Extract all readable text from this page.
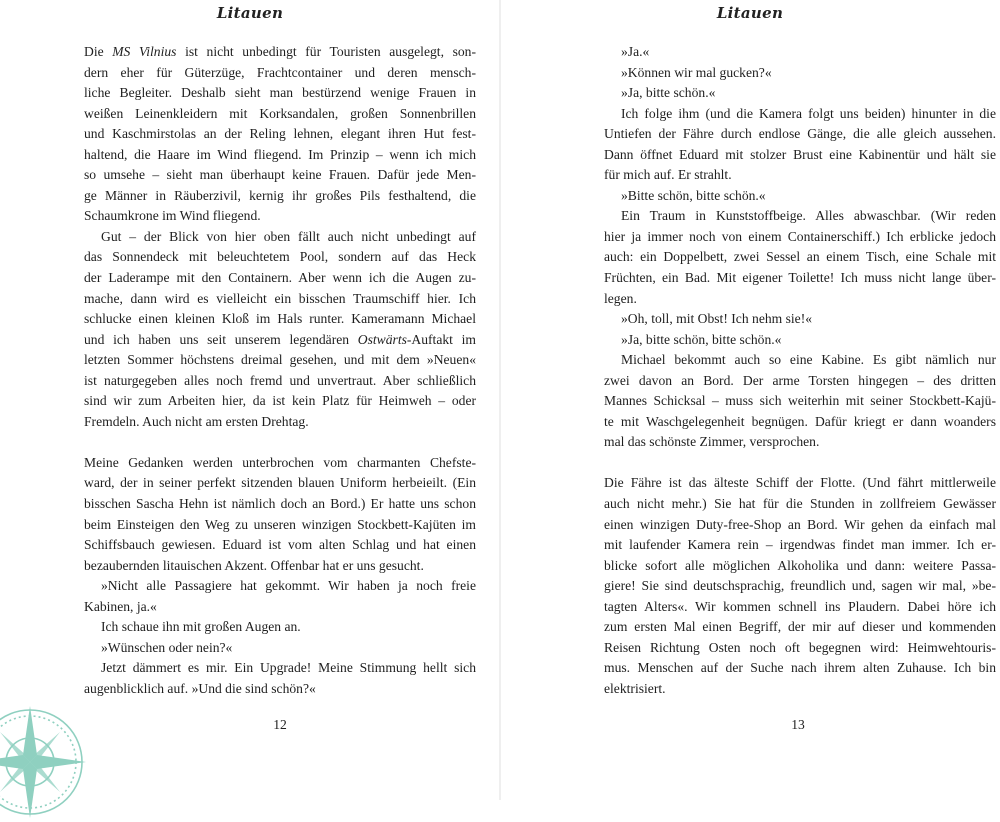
Litauen
Die MS Vilnius ist nicht unbedingt für Touristen ausgelegt, son-
dern eher für Güterzüge, Frachtcontainer und deren mensch-
liche Begleiter. Deshalb sieht man bestürzend wenige Frauen in
weißen Leinenkleidern mit Korksandalen, großen Sonnenbrillen
und Kaschmirstolas an der Reling lehnen, elegant ihren Hut fest-
haltend, die Haare im Wind fliegend. Im Prinzip – wenn ich mich
so umsehe – sieht man überhaupt keine Frauen. Dafür jede Men-
ge Männer in Räuberzivil, kernig ihr großes Pils festhaltend, die
Schaumkrone im Wind fliegend.
Gut – der Blick von hier oben fällt auch nicht unbedingt auf
das Sonnendeck mit beleuchtetem Pool, sondern auf das Heck
der Laderampe mit den Containern. Aber wenn ich die Augen zu-
mache, dann wird es vielleicht ein bisschen Traumschiff hier. Ich
schlucke einen kleinen Kloß im Hals runter. Kameramann Michael
und ich haben uns seit unserem legendären Ostwärts-Auftakt im
letzten Sommer höchstens dreimal gesehen, und mit dem »Neuen«
ist naturgegeben alles noch fremd und unvertraut. Aber schließlich
sind wir zum Arbeiten hier, da ist kein Platz für Heimweh – oder
Fremdeln. Auch nicht am ersten Drehtag.
Meine Gedanken werden unterbrochen vom charmanten Chefste-
ward, der in seiner perfekt sitzenden blauen Uniform herbeieilt. (Ein
bisschen Sascha Hehn ist nämlich doch an Bord.) Er hatte uns schon
beim Einsteigen den Weg zu unseren winzigen Stockbett-Kajüten im
Schiffsbauch gewiesen. Eduard ist vom alten Schlag und hat einen
bezaubernden litauischen Akzent. Offenbar hat er uns gesucht.
»Nicht alle Passagiere hat gekommt. Wir haben ja noch freie
Kabinen, ja.«
Ich schaue ihn mit großen Augen an.
»Wünschen oder nein?«
Jetzt dämmert es mir. Ein Upgrade! Meine Stimmung hellt sich
augenblicklich auf. »Und die sind schön?«
12
Litauen
»Ja.«
»Können wir mal gucken?«
»Ja, bitte schön.«
Ich folge ihm (und die Kamera folgt uns beiden) hinunter in die
Untiefen der Fähre durch endlose Gänge, die alle gleich aussehen.
Dann öffnet Eduard mit stolzer Brust eine Kabinentür und hält sie
für mich auf. Er strahlt.
»Bitte schön, bitte schön.«
Ein Traum in Kunststoffbeige. Alles abwaschbar. (Wir reden
hier ja immer noch von einem Containerschiff.) Ich erblicke jedoch
auch: ein Doppelbett, zwei Sessel an einem Tisch, eine Schale mit
Früchten, ein Bad. Mit eigener Toilette! Ich muss nicht lange über-
legen.
»Oh, toll, mit Obst! Ich nehm sie!«
»Ja, bitte schön, bitte schön.«
Michael bekommt auch so eine Kabine. Es gibt nämlich nur
zwei davon an Bord. Der arme Torsten hingegen – des dritten
Mannes Schicksal – muss sich weiterhin mit seiner Stockbett-Kajü-
te mit Waschgelegenheit begnügen. Dafür kriegt er dann woanders
mal das schönste Zimmer, versprochen.
Die Fähre ist das älteste Schiff der Flotte. (Und fährt mittlerweile
auch nicht mehr.) Sie hat für die Stunden in zollfreiem Gewässer
einen winzigen Duty-free-Shop an Bord. Wir gehen da einfach mal
mit laufender Kamera rein – irgendwas findet man immer. Ich er-
blicke sofort alle möglichen Alkoholika und dann: weitere Passa-
giere! Sie sind deutschsprachig, freundlich und, sagen wir mal, »be-
tagten Alters«. Wir kommen schnell ins Plaudern. Dabei höre ich
zum ersten Mal einen Begriff, der mir auf dieser und kommenden
Reisen Richtung Osten noch oft begegnen wird: Heimwehtouris-
mus. Menschen auf der Suche nach ihrem alten Zuhause. Ich bin
elektrisiert.
13
